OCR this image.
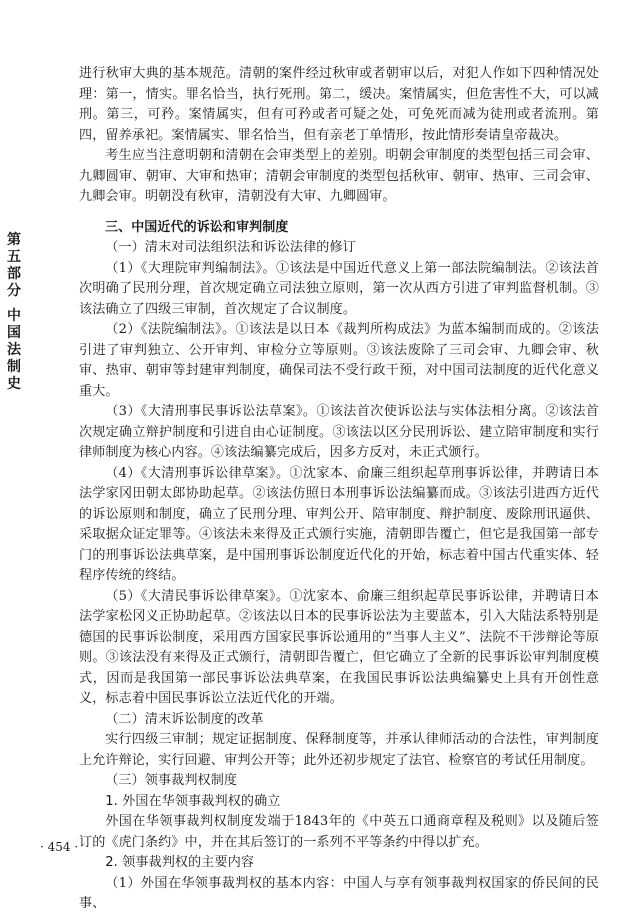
第五部分
中国法制史

进行秋审大典的基本规范。清朝的案件经过秋审或者朝审以后，对犯人作如下四种情况处理：第一，情实。罪名恰当，执行死刑。第二，缓决。案情属实，但危害性不大，可以减刑。第三，可矜。案情属实，但有可矜或者可疑之处，可免死而减为徒刑或者流刑。第四，留养承祀。案情属实、罪名恰当，但有亲老丁单情形，按此情形奏请皇帝裁决。

考生应当注意明朝和清朝在会审类型上的差别。明朝会审制度的类型包括三司会审、九卿圆审、朝审、大审和热审；清朝会审制度的类型包括秋审、朝审、热审、三司会审、九卿会审。明朝没有秋审，清朝没有大审、九卿圆审。

三、中国近代的诉讼和审判制度

（一）清末对司法组织法和诉讼法律的修订

（1）《大理院审判编制法》。①该法是中国近代意义上第一部法院编制法。②该法首次明确了民刑分理，首次规定确立司法独立原则，第一次从西方引进了审判监督机制。③该法确立了四级三审制，首次规定了合议制度。

（2）《法院编制法》。①该法是以日本《裁判所构成法》为蓝本编制而成的。②该法引进了审判独立、公开审判、审检分立等原则。③该法废除了三司会审、九卿会审、秋审、热审、朝审等封建审判制度，确保司法不受行政干预，对中国司法制度的近代化意义重大。

（3）《大清刑事民事诉讼法草案》。①该法首次使诉讼法与实体法相分离。②该法首次规定确立辩护制度和引进自由心证制度。③该法以区分民刑诉讼、建立陪审制度和实行律师制度为核心内容。④该法编纂完成后，因多方反对，未正式颁行。

（4）《大清刑事诉讼律草案》。①沈家本、俞廉三组织起草刑事诉讼律，并聘请日本法学家冈田朝太郎协助起草。②该法仿照日本刑事诉讼法编纂而成。③该法引进西方近代的诉讼原则和制度，确立了民刑分理、审判公开、陪审制度、辩护制度、废除刑讯逼供、采取据众证定罪等。④该法未来得及正式颁行实施，清朝即告覆亡，但它是我国第一部专门的刑事诉讼法典草案，是中国刑事诉讼制度近代化的开始，标志着中国古代重实体、轻程序传统的终结。

（5）《大清民事诉讼律草案》。①沈家本、俞廉三组织起草民事诉讼律，并聘请日本法学家松冈义正协助起草。②该法以日本的民事诉讼法为主要蓝本，引入大陆法系特别是德国的民事诉讼制度，采用西方国家民事诉讼通用的“当事人主义”、法院不干涉辩论等原则。③该法没有来得及正式颁行，清朝即告覆亡，但它确立了全新的民事诉讼审判制度模式，因而是我国第一部民事诉讼法典草案，在我国民事诉讼法典编纂史上具有开创性意义，标志着中国民事诉讼立法近代化的开端。

（二）清末诉讼制度的改革

实行四级三审制；规定证据制度、保释制度等，并承认律师活动的合法性，审判制度上允许辩论，实行回避、审判公开等；此外还初步规定了法官、检察官的考试任用制度。

（三）领事裁判权制度

1. 外国在华领事裁判权的确立

外国在华领事裁判权制度发端于1843年的《中英五口通商章程及税则》以及随后签订的《虎门条约》中，并在其后签订的一系列不平等条约中得以扩充。

2. 领事裁判权的主要内容

（1）外国在华领事裁判权的基本内容：中国人与享有领事裁判权国家的侨民间的民事、

· 454 ·
